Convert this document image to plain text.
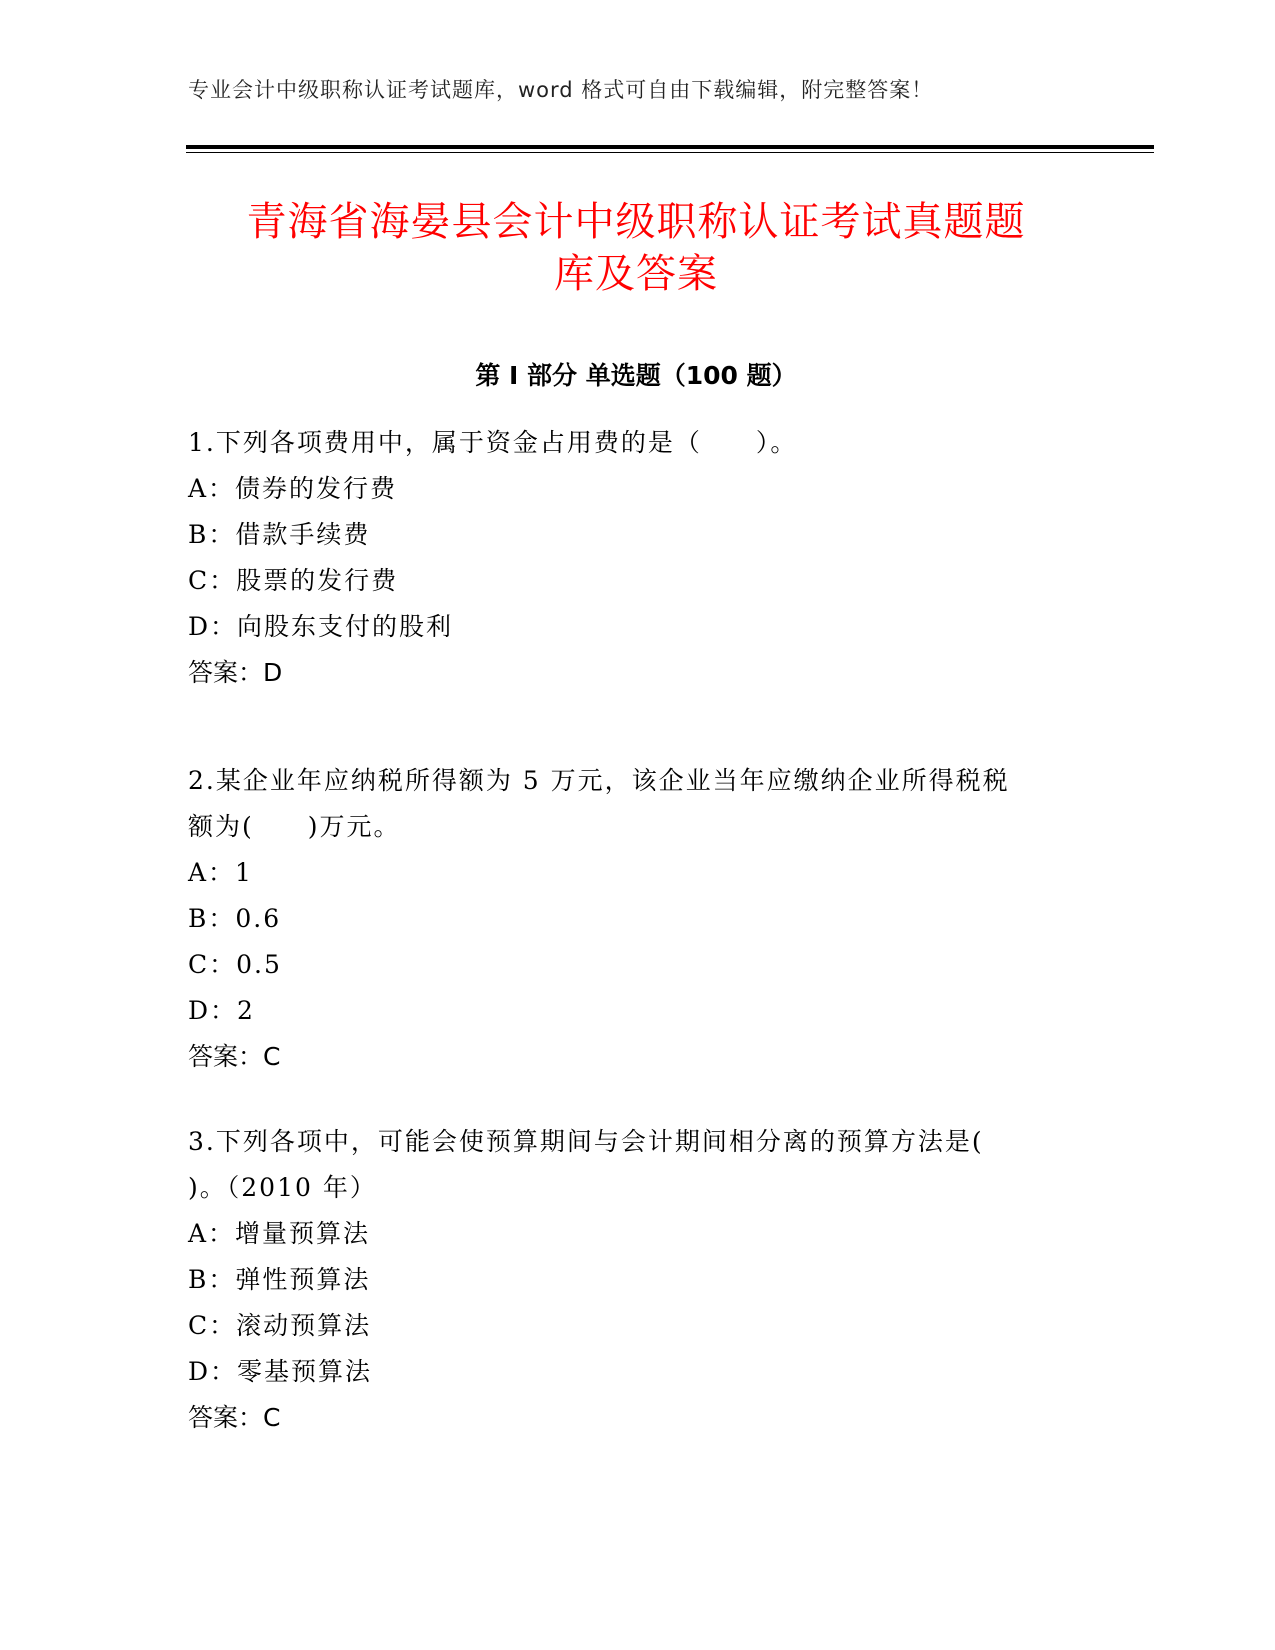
专业会计中级职称认证考试题库，word 格式可自由下载编辑，附完整答案！
青海省海晏县会计中级职称认证考试真题题
库及答案
第 I 部分 单选题（100 题）
1.下列各项费用中，属于资金占用费的是（　　）。
A：债券的发行费
B：借款手续费
C：股票的发行费
D：向股东支付的股利
答案：D
2.某企业年应纳税所得额为 5 万元，该企业当年应缴纳企业所得税税
额为(　　)万元。
A：1
B：0.6
C：0.5
D：2
答案：C
3.下列各项中，可能会使预算期间与会计期间相分离的预算方法是(
)。（2010 年）
A：增量预算法
B：弹性预算法
C：滚动预算法
D：零基预算法
答案：C
